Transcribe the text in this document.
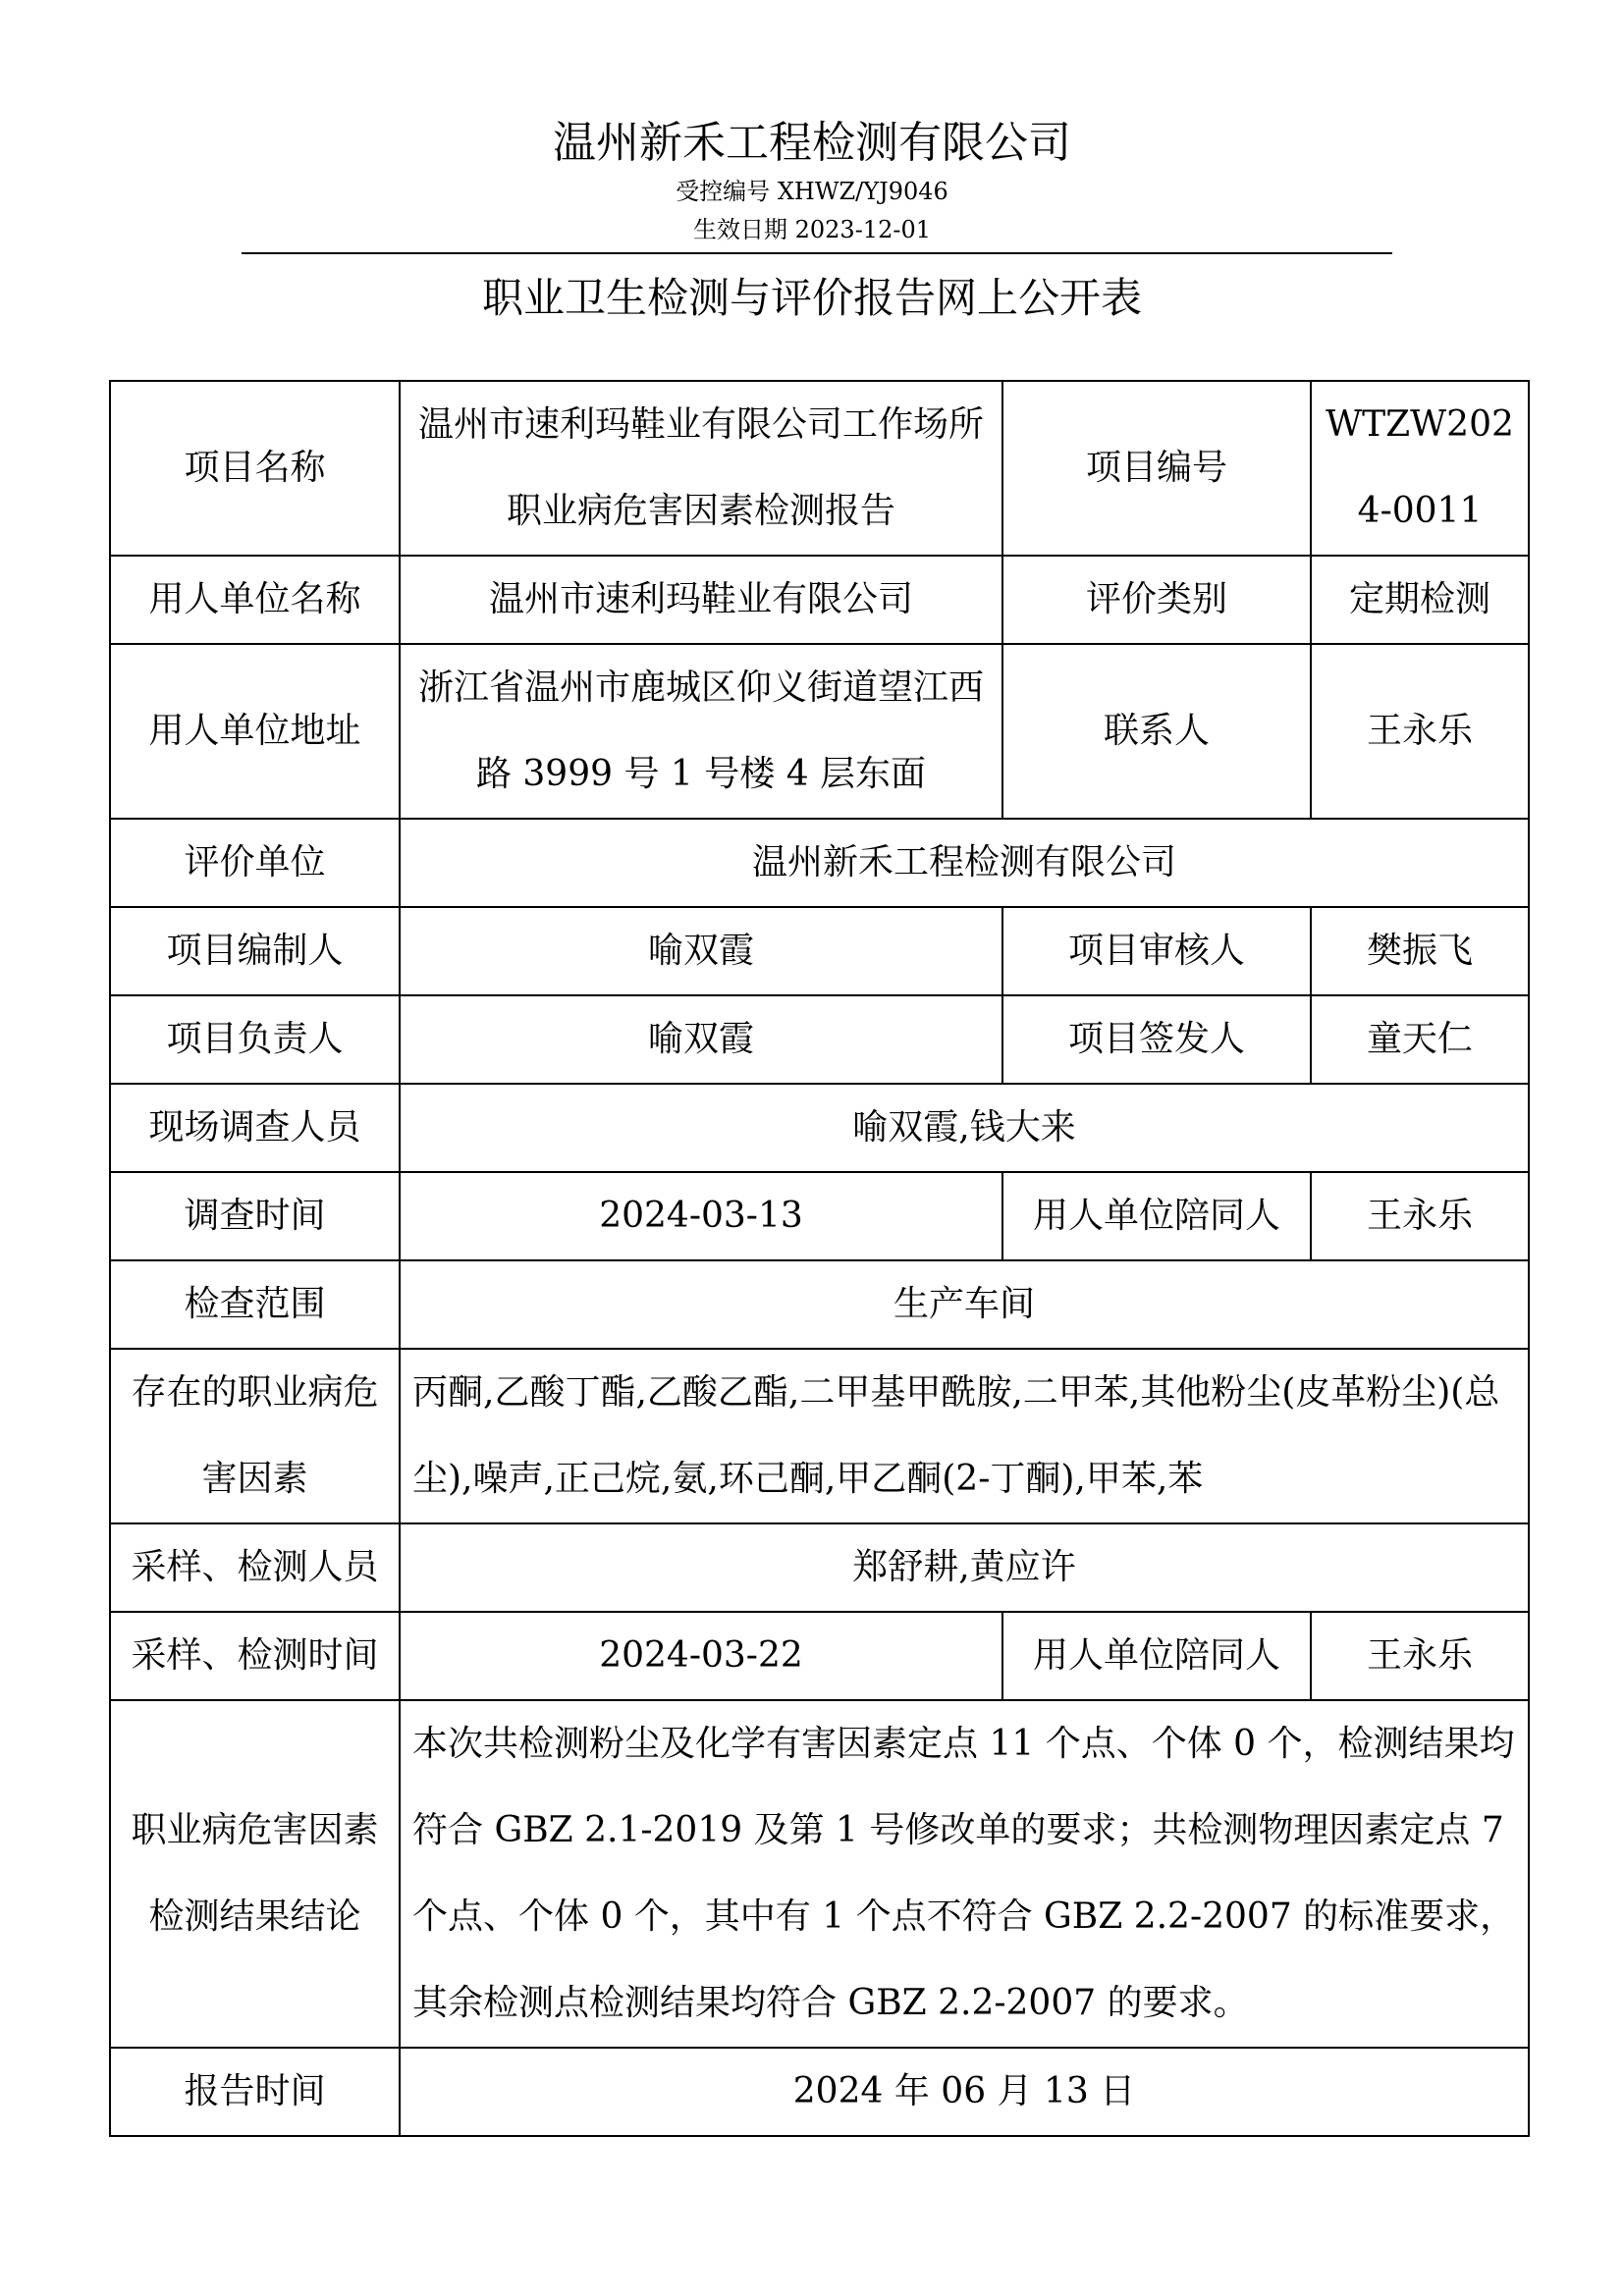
温州新禾工程检测有限公司
受控编号 XHWZ/YJ9046
生效日期 2023-12-01
职业卫生检测与评价报告网上公开表
项目名称	温州市速利玛鞋业有限公司工作场所职业病危害因素检测报告	项目编号	WTZW2024-0011
用人单位名称	温州市速利玛鞋业有限公司	评价类别	定期检测
用人单位地址	浙江省温州市鹿城区仰义街道望江西路 3999 号 1 号楼 4 层东面	联系人	王永乐
评价单位	温州新禾工程检测有限公司		
项目编制人	喻双霞	项目审核人	樊振飞
项目负责人	喻双霞	项目签发人	童天仁
现场调查人员	喻双霞,钱大来		
调查时间	2024-03-13	用人单位陪同人	王永乐
检查范围	生产车间		
存在的职业病危害因素	丙酮,乙酸丁酯,乙酸乙酯,二甲基甲酰胺,二甲苯,其他粉尘(皮革粉尘)(总尘),噪声,正己烷,氨,环己酮,甲乙酮(2-丁酮),甲苯,苯		
采样、检测人员	郑舒耕,黄应许		
采样、检测时间	2024-03-22	用人单位陪同人	王永乐
职业病危害因素检测结果结论	本次共检测粉尘及化学有害因素定点 11 个点、个体 0 个，检测结果均符合 GBZ 2.1-2019 及第 1 号修改单的要求；共检测物理因素定点 7 个点、个体 0 个，其中有 1 个点不符合 GBZ 2.2-2007 的标准要求，其余检测点检测结果均符合 GBZ 2.2-2007 的要求。		
报告时间	2024 年 06 月 13 日		
